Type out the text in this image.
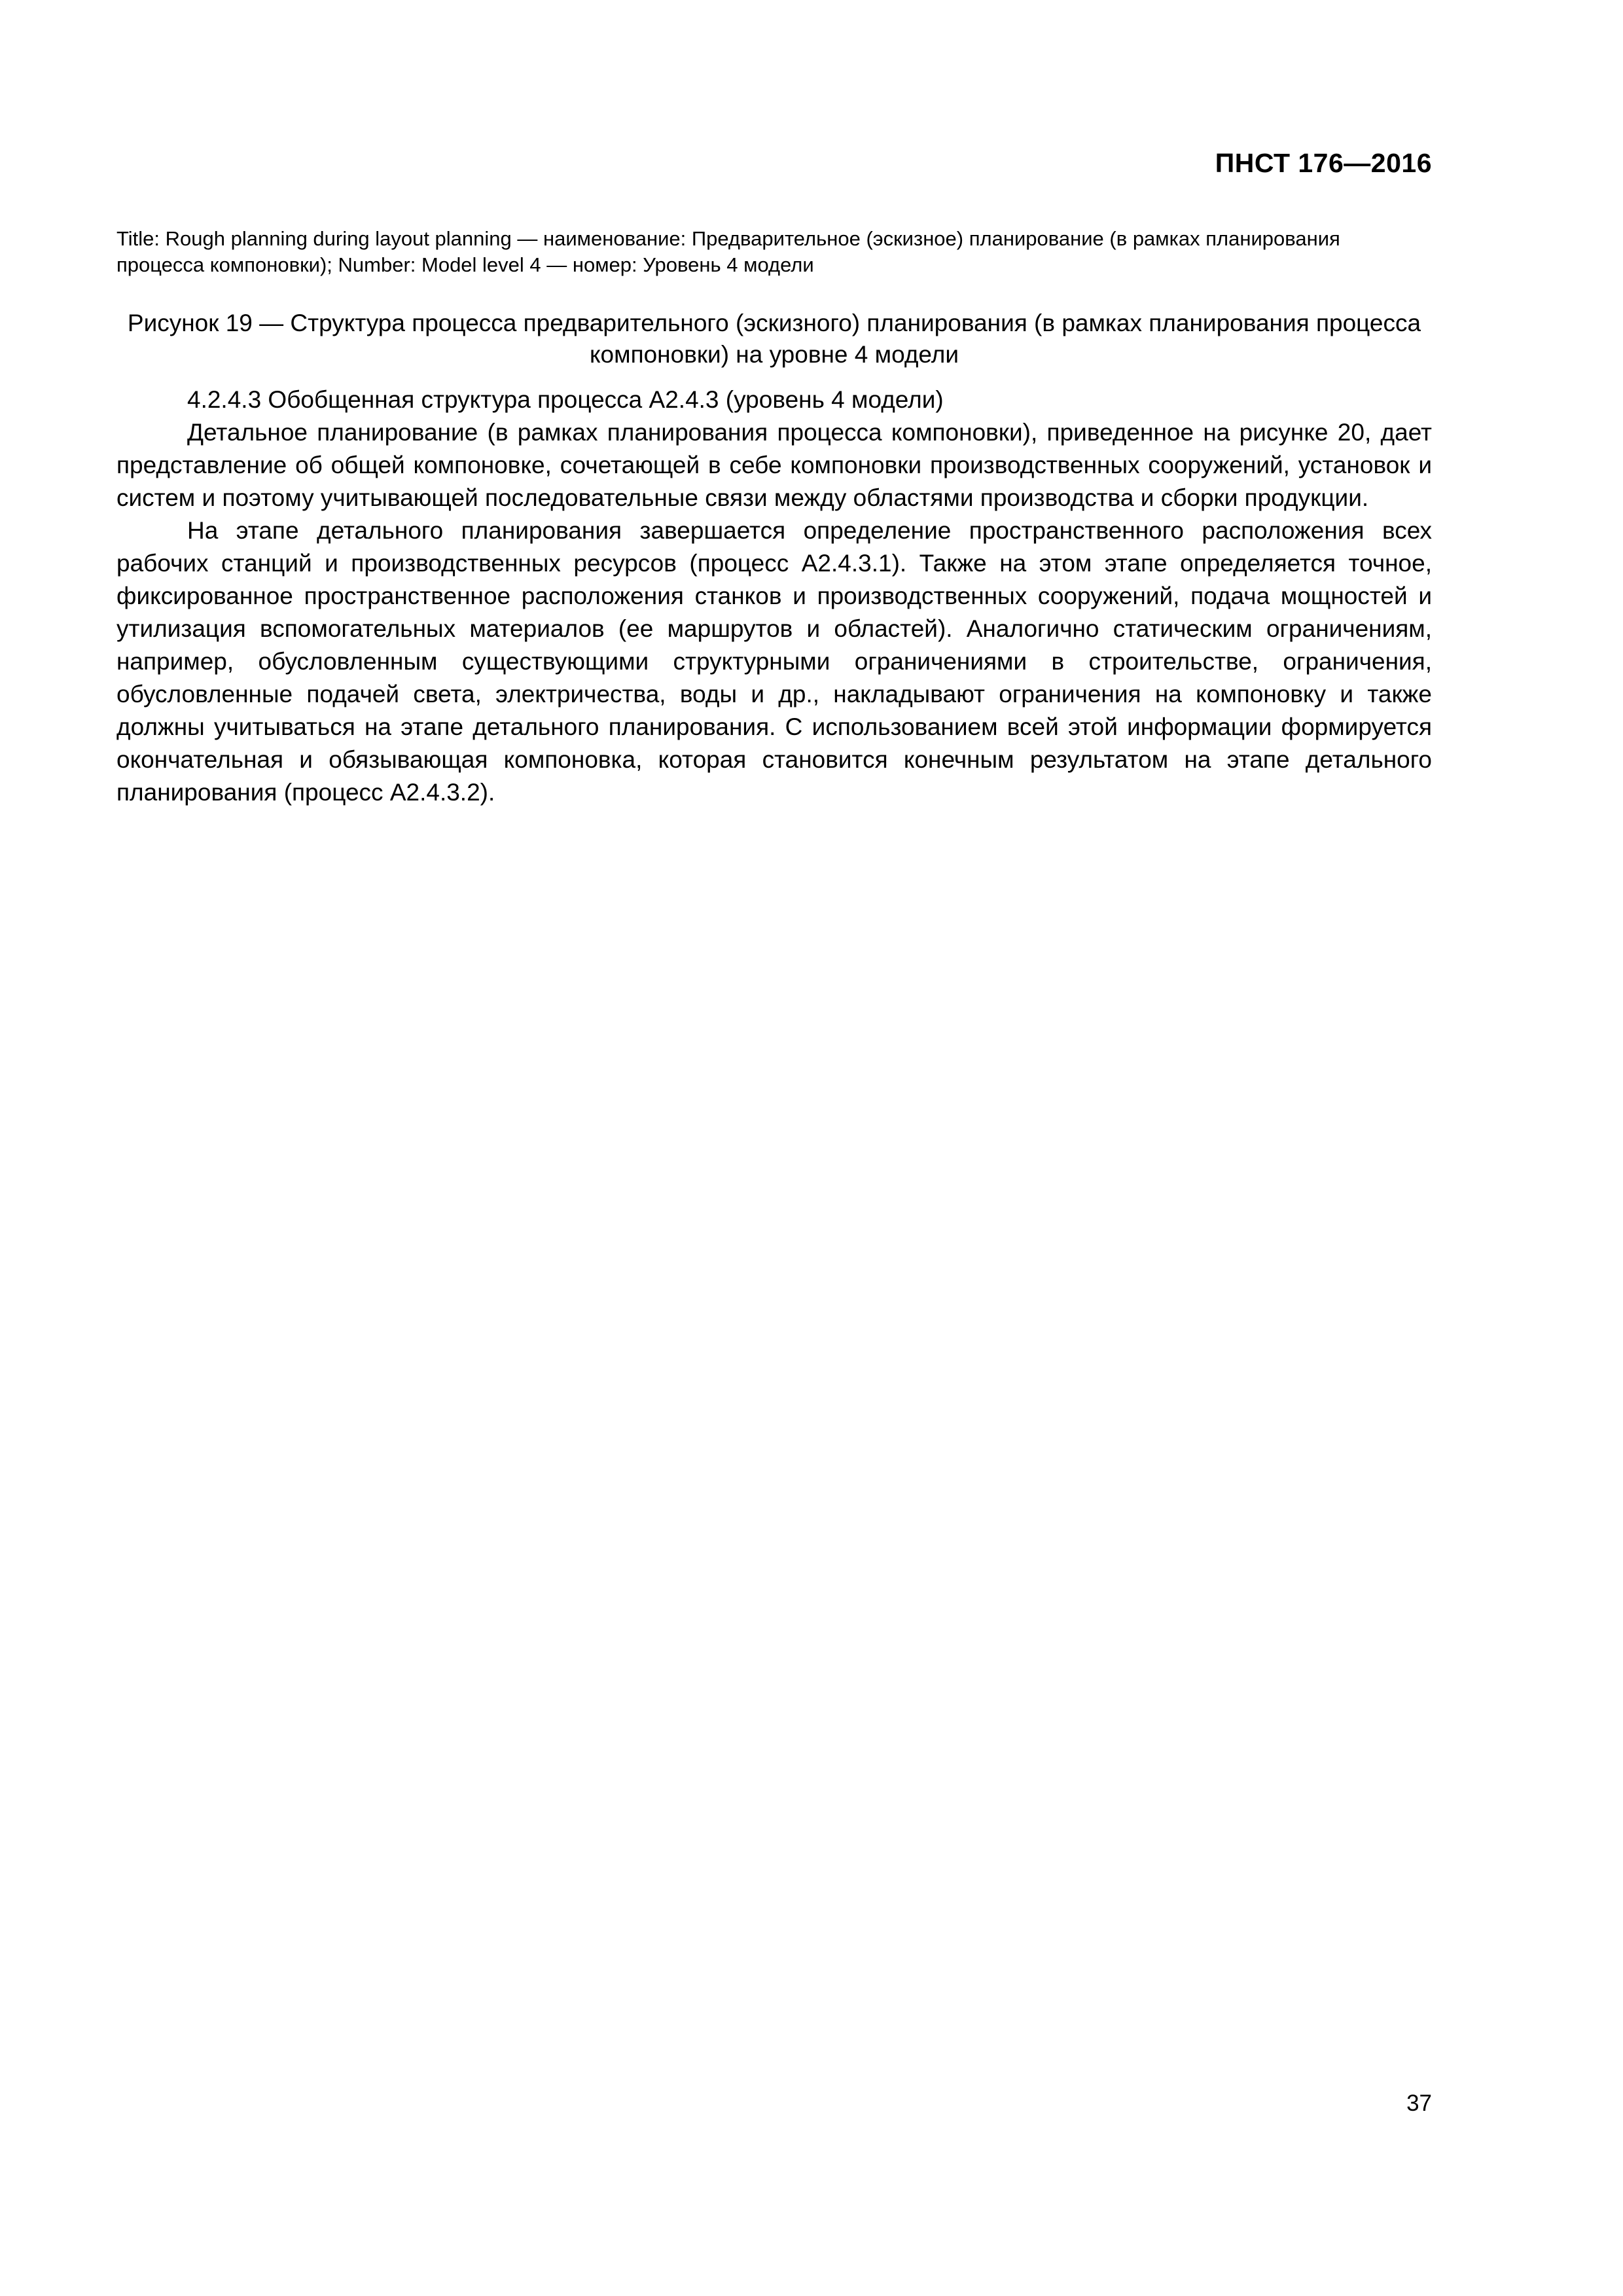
ПНСТ 176—2016
Title: Rough planning during layout planning — наименование: Предварительное (эскизное) планирование (в рамках планирования процесса компоновки); Number: Model level 4 — номер: Уровень 4 модели
Рисунок 19 — Структура процесса предварительного (эскизного) планирования (в рамках планирования процесса компоновки) на уровне 4 модели

4.2.4.3 Обобщенная структура процесса А2.4.3 (уровень 4 модели)

Детальное планирование (в рамках планирования процесса компоновки), приведенное на рисунке 20, дает представление об общей компоновке, сочетающей в себе компоновки производственных сооружений, установок и систем и поэтому учитывающей последовательные связи между областями производства и сборки продукции.

На этапе детального планирования завершается определение пространственного расположения всех рабочих станций и производственных ресурсов (процесс А2.4.3.1). Также на этом этапе определяется точное, фиксированное пространственное расположения станков и производственных сооружений, подача мощностей и утилизация вспомогательных материалов (ее маршрутов и областей). Аналогично статическим ограничениям, например, обусловленным существующими структурными ограничениями в строительстве, ограничения, обусловленные подачей света, электричества, воды и др., накладывают ограничения на компоновку и также должны учитываться на этапе детального планирования. С использованием всей этой информации формируется окончательная и обязывающая компоновка, которая становится конечным результатом на этапе детального планирования (процесс А2.4.3.2).

37
